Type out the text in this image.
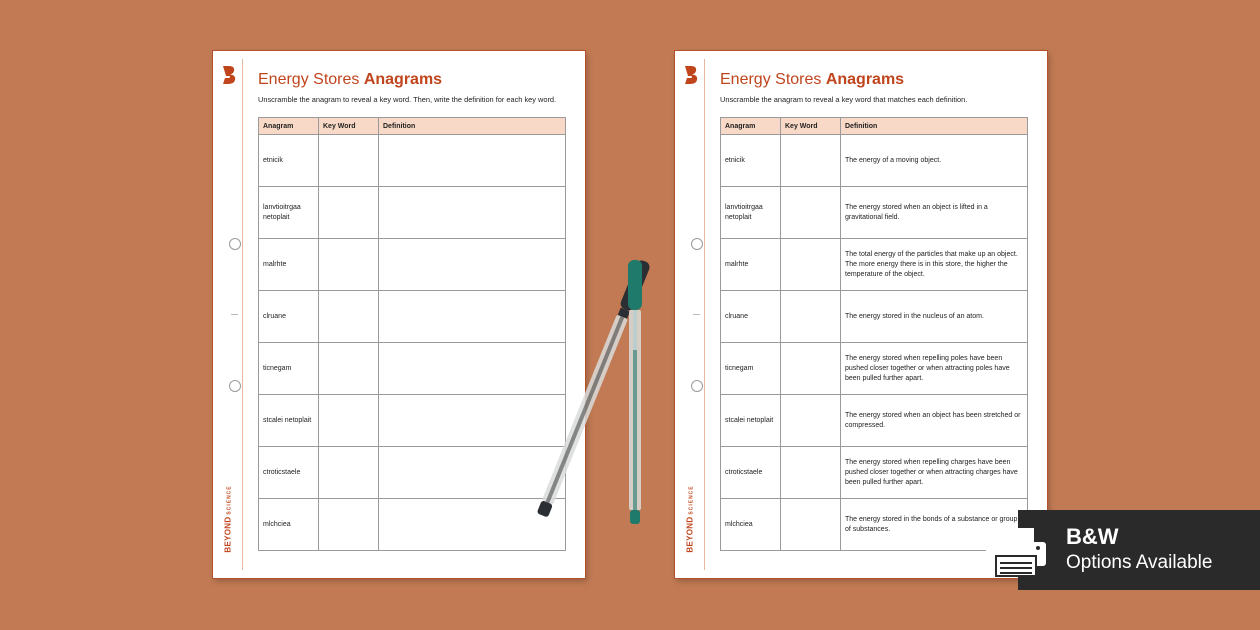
BEYONDSCIENCE
Energy Stores Anagrams
Unscramble the anagram to reveal a key word. Then, write the definition for each key word.
Anagram	Key Word	Definition
etnicik		
lanvtioitrgaa netoplait		
malrhte		
clruane		
ticnegam		
stcalei netoplait		
ctroticstaele		
mlchciea			BEYONDSCIENCE
Energy Stores Anagrams
Unscramble the anagram to reveal a key word that matches each definition.
Anagram	Key Word	Definition
etnicik		The energy of a moving object.
lanvtioitrgaa netoplait		The energy stored when an object is lifted in a gravitational field.
malrhte		The total energy of the particles that make up an object. The more energy there is in this store, the higher the temperature of the object.
clruane		The energy stored in the nucleus of an atom.
ticnegam		The energy stored when repelling poles have been pushed closer together or when attracting poles have been pulled further apart.
stcalei netoplait		The energy stored when an object has been stretched or compressed.
ctroticstaele		The energy stored when repelling charges have been pushed closer together or when attracting charges have been pulled further apart.
mlchciea		The energy stored in the bonds of a substance or group of substances.	B&W
Options Available
